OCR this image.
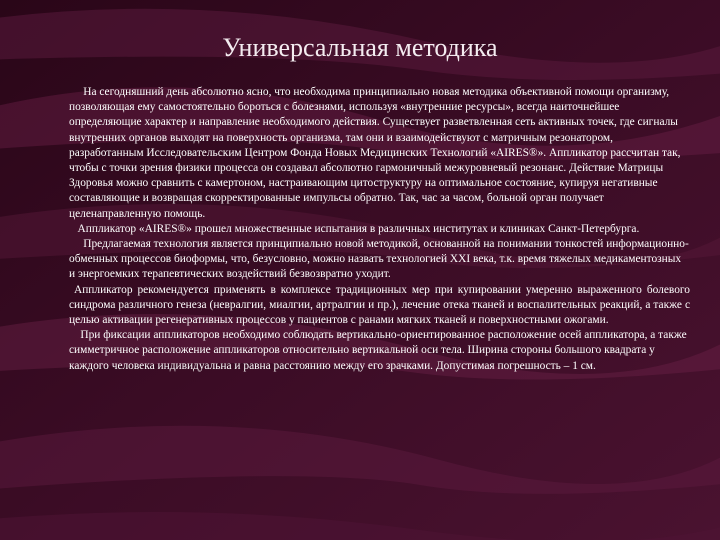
Универсальная методика

На сегодняшний день абсолютно ясно, что необходима принципиально новая методика объективной помощи организму, позволяющая ему самостоятельно бороться с болезнями, используя «внутренние ресурсы», всегда наиточнейшее определяющие характер и направление необходимого действия. Существует разветвленная сеть активных точек, где сигналы внутренних органов выходят на поверхность организма, там они и взаимодействуют с матричным резонатором, разработанным Исследовательским Центром Фонда Новых Медицинских Технологий «AIRES®». Аппликатор рассчитан так, чтобы с точки зрения физики процесса он создавал абсолютно гармоничный межуровневый резонанс. Действие Матрицы Здоровья можно сравнить с камертоном, настраивающим цитоструктуру на оптимальное состояние, купируя негативные составляющие и возвращая скорректированные импульсы обратно. Так, час за часом, больной орган получает целенаправленную помощь.

Аппликатор «AIRES®» прошел множественные испытания в различных институтах и клиниках Санкт-Петербурга.

Предлагаемая технология является принципиально новой методикой, основанной на понимании тонкостей информационно-обменных процессов биоформы, что, безусловно, можно назвать технологией XXI века, т.к. время тяжелых медикаментозных и энергоемких терапевтических воздействий безвозвратно уходит.

Аппликатор рекомендуется применять в комплексе традиционных мер при купировании умеренно выраженного болевого синдрома различного генеза (невралгии, миалгии, артралгии и пр.), лечение отека тканей и воспалительных реакций, а также с целью активации регенеративных процессов у пациентов с ранами мягких тканей и поверхностными ожогами.

При фиксации аппликаторов необходимо соблюдать вертикально-ориентированное расположение осей аппликатора, а также симметричное расположение аппликаторов относительно вертикальной оси тела. Ширина стороны большого квадрата у каждого человека индивидуальна и равна расстоянию между его зрачками. Допустимая погрешность – 1 см.
